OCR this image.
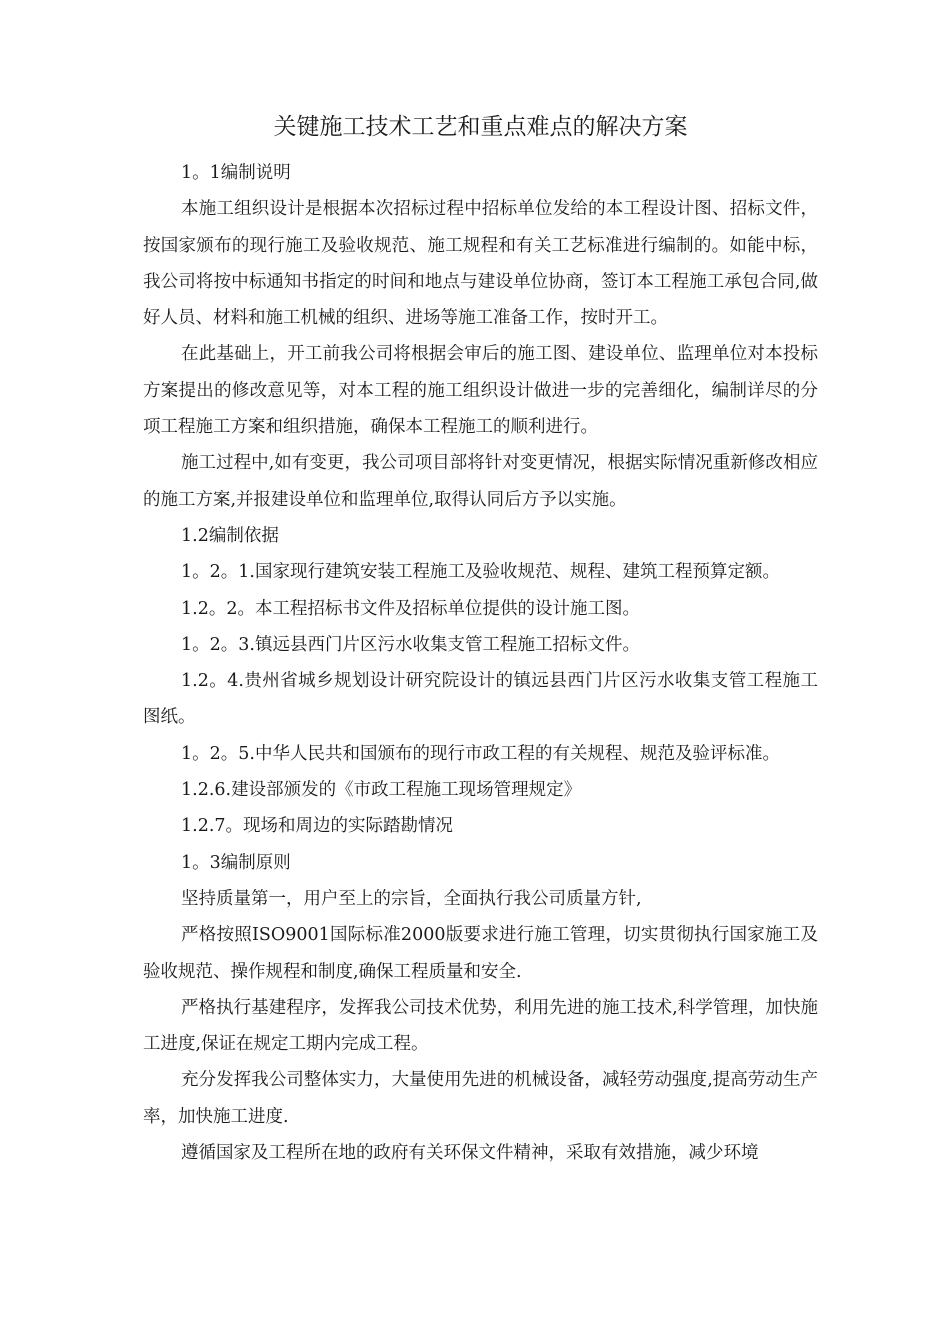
关键施工技术工艺和重点难点的解决方案

1。1编制说明

本施工组织设计是根据本次招标过程中招标单位发给的本工程设计图、招标文件，按国家颁布的现行施工及验收规范、施工规程和有关工艺标准进行编制的。如能中标，我公司将按中标通知书指定的时间和地点与建设单位协商，签订本工程施工承包合同,做好人员、材料和施工机械的组织、进场等施工准备工作，按时开工。

在此基础上，开工前我公司将根据会审后的施工图、建设单位、监理单位对本投标方案提出的修改意见等，对本工程的施工组织设计做进一步的完善细化，编制详尽的分项工程施工方案和组织措施，确保本工程施工的顺利进行。

施工过程中,如有变更，我公司项目部将针对变更情况，根据实际情况重新修改相应的施工方案,并报建设单位和监理单位,取得认同后方予以实施。

1.2编制依据

1。2。1.国家现行建筑安装工程施工及验收规范、规程、建筑工程预算定额。

1.2。2。本工程招标书文件及招标单位提供的设计施工图。

1。2。3.镇远县西门片区污水收集支管工程施工招标文件。

1.2。4.贵州省城乡规划设计研究院设计的镇远县西门片区污水收集支管工程施工图纸。

1。2。5.中华人民共和国颁布的现行市政工程的有关规程、规范及验评标准。

1.2.6.建设部颁发的《市政工程施工现场管理规定》

1.2.7。现场和周边的实际踏勘情况

1。3编制原则

坚持质量第一，用户至上的宗旨，全面执行我公司质量方针,

严格按照ISO9001国际标准2000版要求进行施工管理，切实贯彻执行国家施工及验收规范、操作规程和制度,确保工程质量和安全.

严格执行基建程序，发挥我公司技术优势，利用先进的施工技术,科学管理，加快施工进度,保证在规定工期内完成工程。

充分发挥我公司整体实力，大量使用先进的机械设备，减轻劳动强度,提高劳动生产率，加快施工进度.

遵循国家及工程所在地的政府有关环保文件精神，采取有效措施，减少环境
